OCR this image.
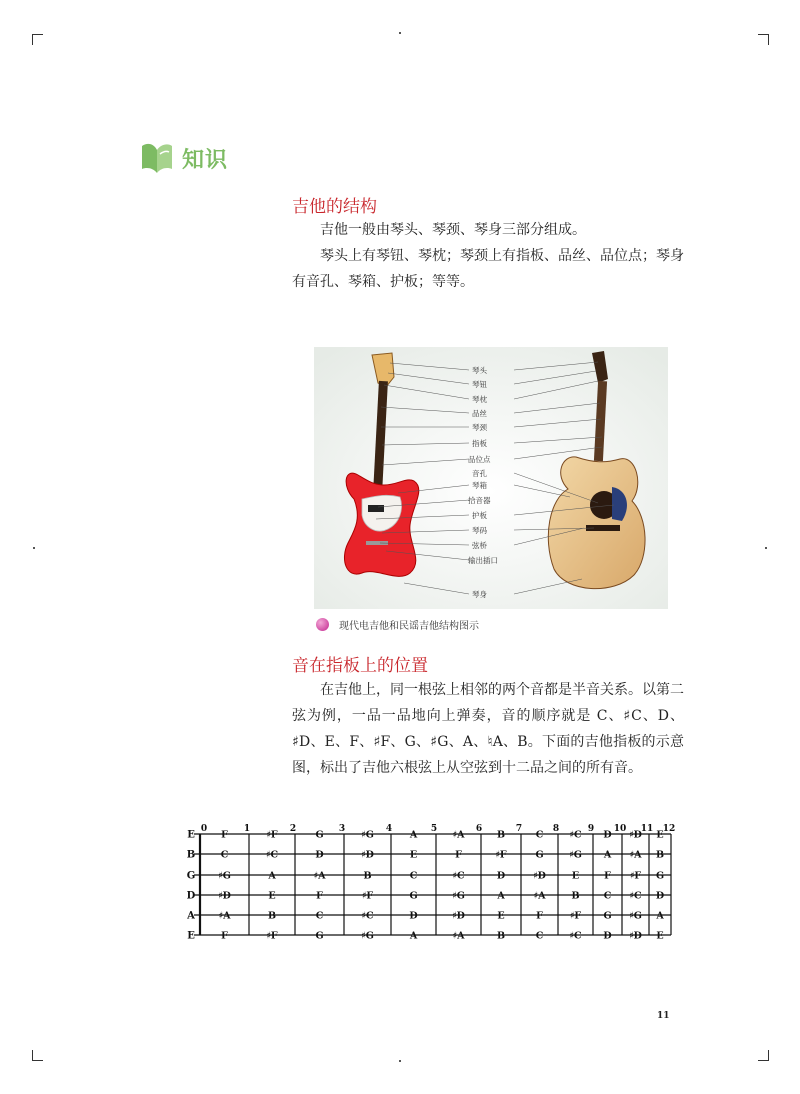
知识
吉他的结构

吉他一般由琴头、琴颈、琴身三部分组成。

琴头上有琴钮、琴枕；琴颈上有指板、品丝、品位点；琴身有音孔、琴箱、护板；等等。

琴头
琴钮
琴枕
品丝
琴颈
指板
品位点
音孔
琴箱
拾音器
护板
琴码
弦桥
输出插口
琴身
现代电吉他和民谣吉他结构图示
音在指板上的位置

在吉他上，同一根弦上相邻的两个音都是半音关系。以第二弦为例，一品一品地向上弹奏，音的顺序就是 C、♯C、D、♯D、E、F、♯F、G、♯G、A、♮A、B。下面的吉他指板的示意图，标出了吉他六根弦上从空弦到十二品之间的所有音。

0	1	2	3	4	5	6	7	8	9 10 11 12
E	F	♯F	G	♯G	A	♯A	B	C	♯C D ♯D E
B	C	♯C	D	♯D	E	F	♯F	G	♯G A ♯A B
G ♯G	A	♯A	B	C	♯C	D	♯D	E	F ♯F G
D ♯D	E	F	♯F	G	♯G	A	♯A	B	C ♯C D
A ♯A	B	C	♯C	D	♯D	E	F	♯F G ♯G A
E	F	♯F	G	♯G	A	♯A	B	C	♯C D ♯D E
11
